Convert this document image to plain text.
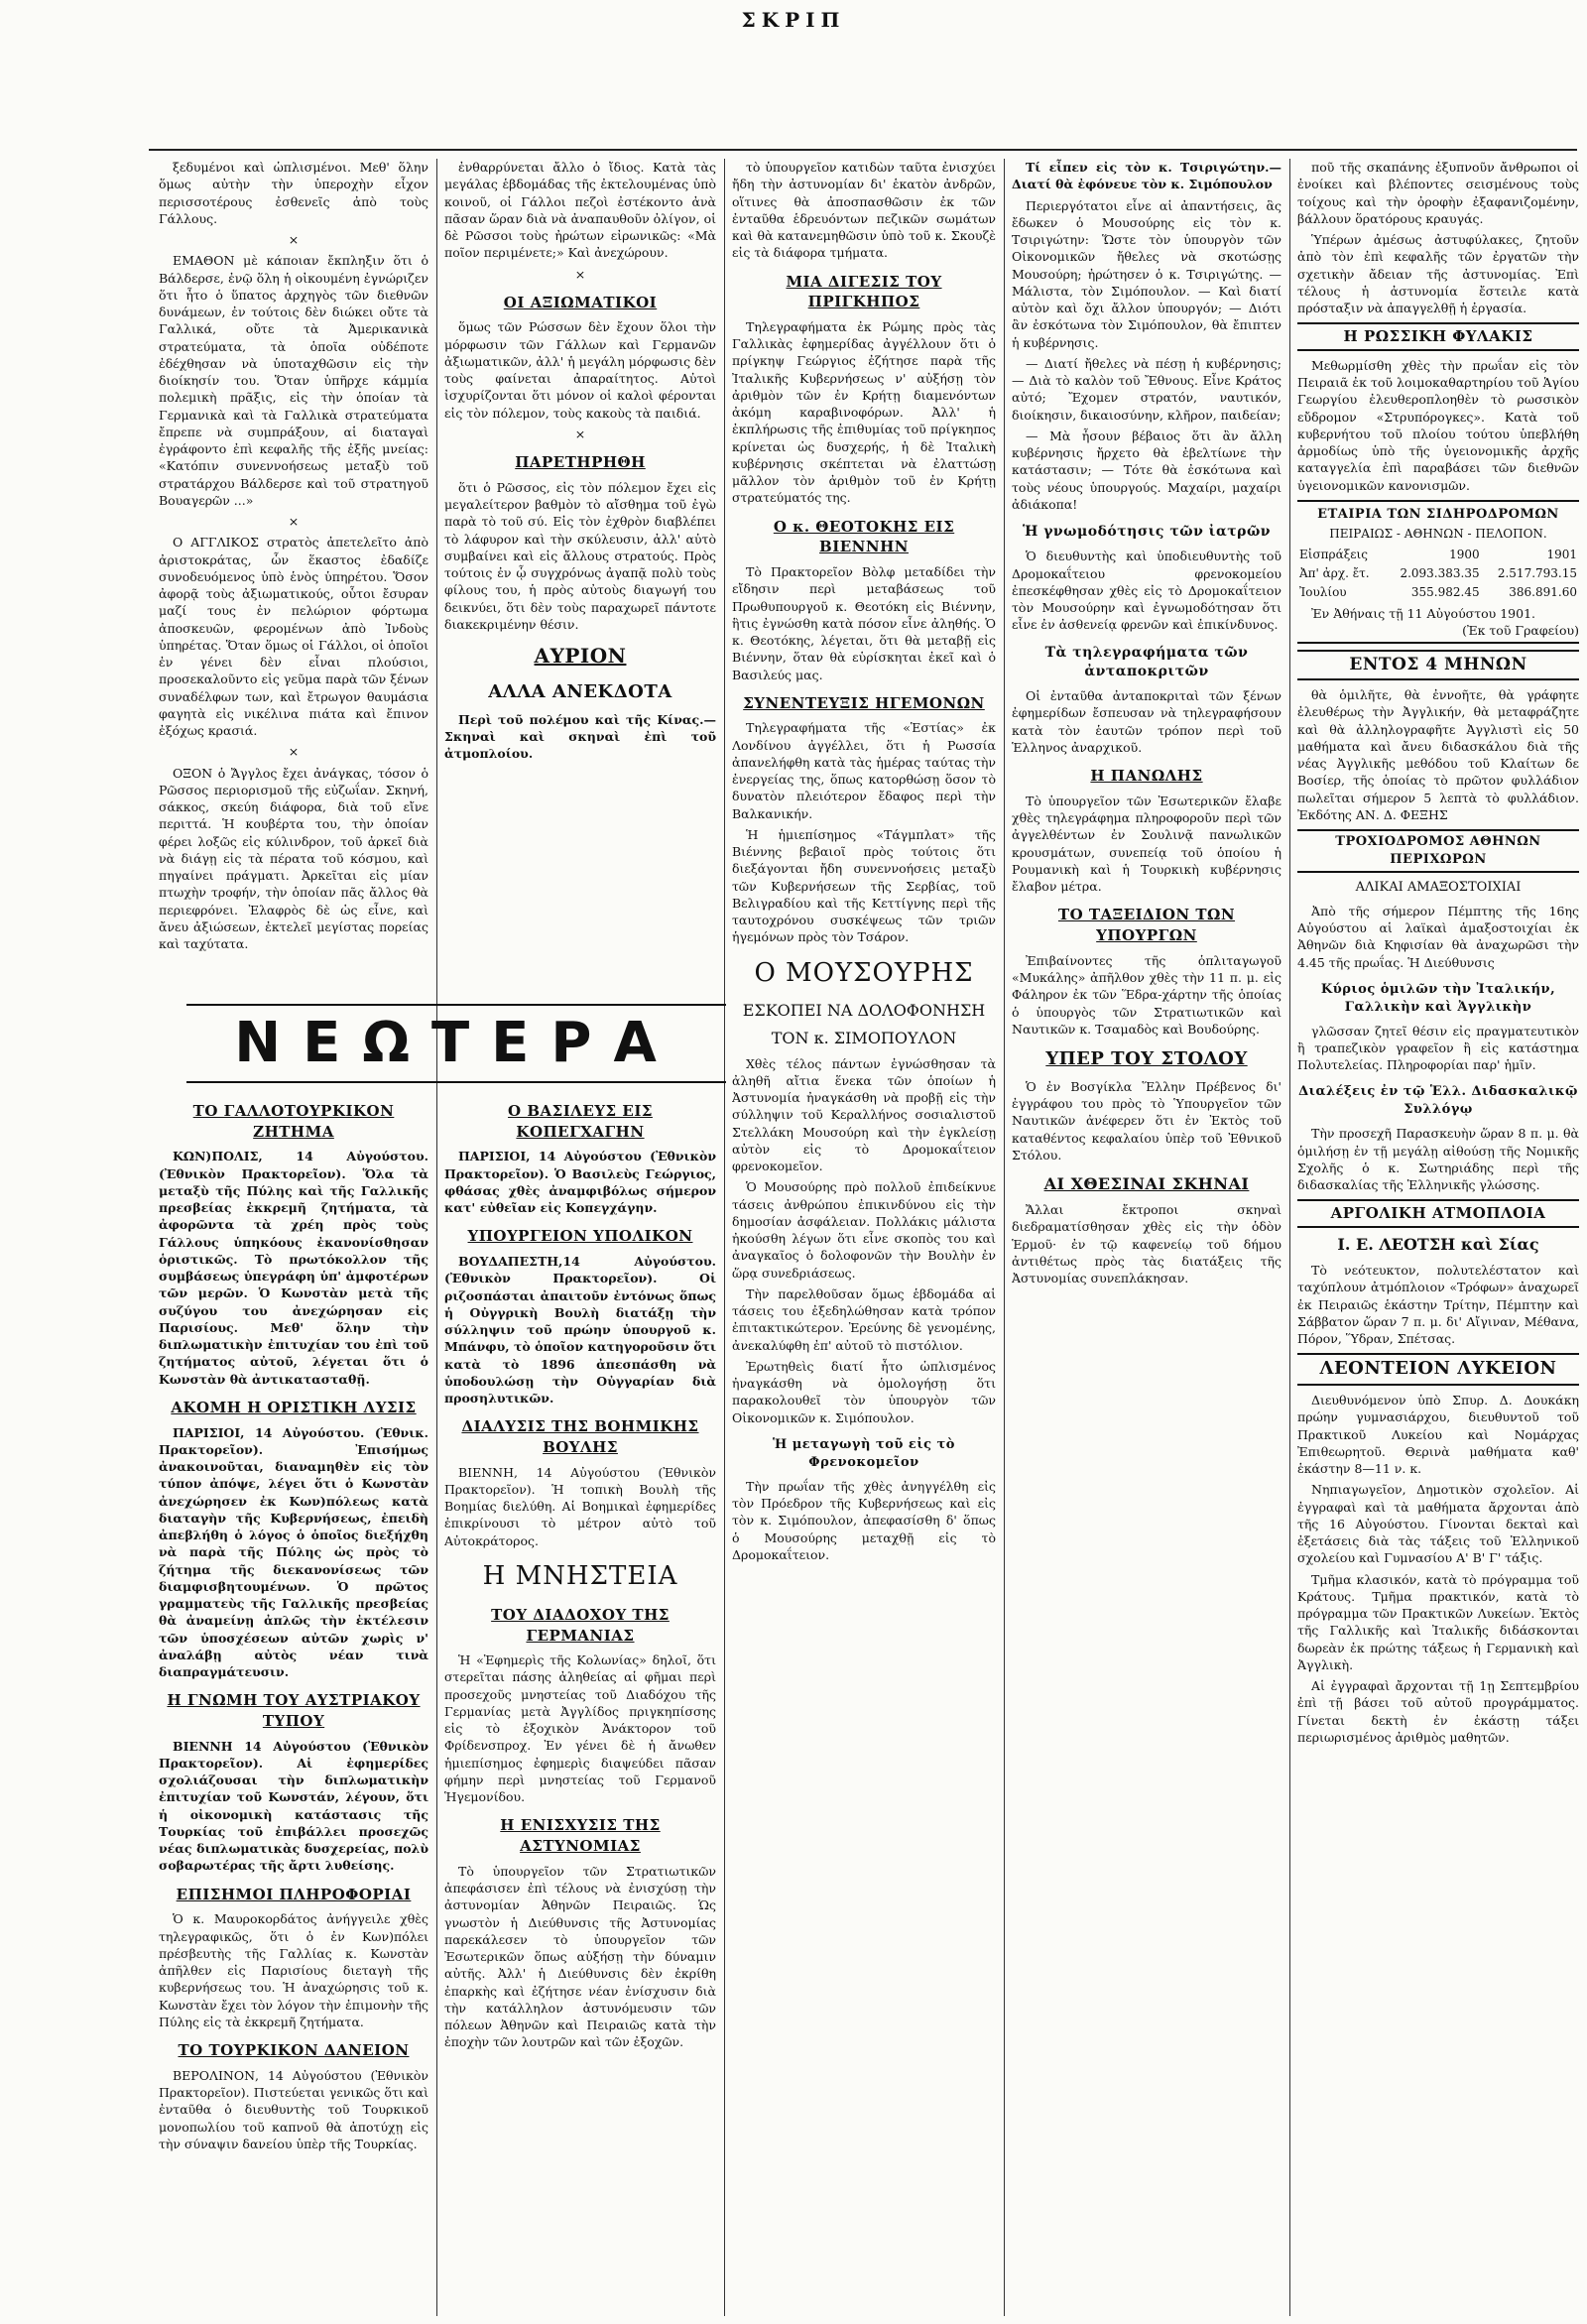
ΣΚΡΙΠ

ξεδυμένοι καὶ ὡπλισμένοι. Μεθ' ὅλην ὅμως αὐτὴν τὴν ὑπεροχὴν εἶχον περισσοτέρους ἐσθενεῖς ἀπὸ τοὺς Γάλλους.

×

ΕΜΑΘΟΝ μὲ κάποιαν ἔκπληξιν ὅτι ὁ Βάλδερσε, ἐνῷ ὅλη ἡ οἰκουμένη ἐγνώριζεν ὅτι ἦτο ὁ ὕπατος ἀρχηγὸς τῶν διεθνῶν δυνάμεων, ἐν τούτοις δὲν διώκει οὔτε τὰ Γαλλικά, οὔτε τὰ Ἀμερικανικὰ στρατεύματα, τὰ ὁποῖα οὐδέποτε ἐδέχθησαν νὰ ὑποταχθῶσιν εἰς τὴν διοίκησίν του. Ὅταν ὑπῆρχε κάμμία πολεμικὴ πρᾶξις, εἰς τὴν ὁποίαν τὰ Γερμανικὰ καὶ τὰ Γαλλικὰ στρατεύματα ἔπρεπε νὰ συμπράξουν, αἱ διαταγαὶ ἐγράφοντο ἐπὶ κεφαλῆς τῆς ἐξῆς μνείας: «Κατόπιν συνεννοήσεως μεταξὺ τοῦ στρατάρχου Βάλδερσε καὶ τοῦ στρατηγοῦ Βουαγερῶν ...»

×

Ο ΑΓΓΛΙΚΟΣ στρατὸς ἀπετελεῖτο ἀπὸ ἀριστοκράτας, ὧν ἕκαστος ἐδαδίζε συνοδευόμενος ὑπὸ ἑνὸς ὑπηρέτου. Ὅσον ἀφορᾷ τοὺς ἀξιωματικούς, οὗτοι ἔσυραν μαζί τους ἐν πελώριον φόρτωμα ἀποσκευῶν, φερομένων ἀπὸ Ἰνδοὺς ὑπηρέτας. Ὅταν ὅμως οἱ Γάλλοι, οἱ ὁποῖοι ἐν γένει δὲν εἶναι πλούσιοι, προσεκαλοῦντο εἰς γεῦμα παρὰ τῶν ξένων συναδέλφων των, καὶ ἔτρωγον θαυμάσια φαγητὰ εἰς νικέλινα πιάτα καὶ ἔπινον ἐξόχως κρασιά.

×

ΟΞΟΝ ὁ Ἄγγλος ἔχει ἀνάγκας, τόσον ὁ Ρῶσσος περιορισμοῦ τῆς εὐζωΐαν. Σκηνή, σάκκος, σκεύη διάφορα, διὰ τοῦ εἴνε περιττά. Ἡ κουβέρτα του, τὴν ὁποίαν φέρει λοξῶς εἰς κύλινδρον, τοῦ ἀρκεῖ διὰ νὰ διάγῃ εἰς τὰ πέρατα τοῦ κόσμου, καὶ πηγαίνει πράγματι. Ἀρκεῖται εἰς μίαν πτωχὴν τροφήν, τὴν ὁποίαν πᾶς ἄλλος θὰ περιεφρόνει. Ἐλαφρὸς δὲ ὡς εἶνε, καὶ ἄνευ ἀξιώσεων, ἐκτελεῖ μεγίστας πορείας καὶ ταχύτατα.

ἐνθαρρύνεται ἄλλο ὁ ἴδιος. Κατὰ τὰς μεγάλας ἑβδομάδας τῆς ἐκτελουμένας ὑπὸ κοινοῦ, οἱ Γάλλοι πεζοὶ ἐστέκοντο ἀνὰ πᾶσαν ὥραν διὰ νὰ ἀναπαυθοῦν ὀλίγον, οἱ δὲ Ρῶσσοι τοὺς ἠρώτων εἰρωνικῶς: «Μὰ ποῖον περιμένετε;» Καὶ ἀνεχώρουν.

×
ΟΙ ΑΞΙΩΜΑΤΙΚΟΙ

ὅμως τῶν Ρώσσων δὲν ἔχουν ὅλοι τὴν μόρφωσιν τῶν Γάλλων καὶ Γερμανῶν ἀξιωματικῶν, ἀλλ' ἡ μεγάλη μόρφωσις δὲν τοὺς φαίνεται ἀπαραίτητος. Αὐτοὶ ἰσχυρίζονται ὅτι μόνον οἱ καλοὶ φέρονται εἰς τὸν πόλεμον, τοὺς κακοὺς τὰ παιδιά.

×
ΠΑΡΕΤΗΡΗΘΗ

ὅτι ὁ Ρῶσσος, εἰς τὸν πόλεμον ἔχει εἰς μεγαλείτερον βαθμὸν τὸ αἴσθημα τοῦ ἐγὼ παρὰ τὸ τοῦ σύ. Εἰς τὸν ἐχθρὸν διαβλέπει τὸ λάφυρον καὶ τὴν σκύλευσιν, ἀλλ' αὐτὸ συμβαίνει καὶ εἰς ἄλλους στρατούς. Πρὸς τούτοις ἐν ᾧ συγχρόνως ἀγαπᾷ πολὺ τοὺς φίλους του, ἡ πρὸς αὐτοὺς διαγωγή του δεικνύει, ὅτι δὲν τοὺς παραχωρεῖ πάντοτε διακεκριμένην θέσιν.

ΑΥΡΙΟΝ
ΑΛΛΑ ΑΝΕΚΔΟΤΑ

Περὶ τοῦ πολέμου καὶ τῆς Κίνας.— Σκηναὶ καὶ σκηναὶ ἐπὶ τοῦ ἀτμοπλοίου.

ΝΕΩΤΕΡΑ
ΤΟ ΓΑΛΛΟΤΟΥΡΚΙΚΟΝ ΖΗΤΗΜΑ

ΚΩΝ)ΠΟΛΙΣ, 14 Αὐγούστου. (Ἐθνικὸν Πρακτορεῖον). Ὅλα τὰ μεταξὺ τῆς Πύλης καὶ τῆς Γαλλικῆς πρεσβείας ἐκκρεμῆ ζητήματα, τὰ ἀφορῶντα τὰ χρέη πρὸς τοὺς Γάλλους ὑπηκόους ἐκανονίσθησαν ὁριστικῶς. Τὸ πρωτόκολλον τῆς συμβάσεως ὑπεγράφη ὑπ' ἀμφοτέρων τῶν μερῶν. Ὁ Κωνστὰν μετὰ τῆς συζύγου του ἀνεχώρησαν εἰς Παρισίους. Μεθ' ὅλην τὴν διπλωματικὴν ἐπιτυχίαν του ἐπὶ τοῦ ζητήματος αὐτοῦ, λέγεται ὅτι ὁ Κωνστὰν θὰ ἀντικατασταθῇ.

ΑΚΟΜΗ Η ΟΡΙΣΤΙΚΗ ΛΥΣΙΣ

ΠΑΡΙΣΙΟΙ, 14 Αὐγούστου. (Ἐθνικ. Πρακτορεῖον). Ἐπισήμως ἀνακοινοῦται, διαναμηθὲν εἰς τὸν τύπον ἀπόψε, λέγει ὅτι ὁ Κωνστὰν ἀνεχώρησεν ἐκ Κων)πόλεως κατὰ διαταγὴν τῆς Κυβερνήσεως, ἐπειδὴ ἀπεβλήθη ὁ λόγος ὁ ὁποῖος διεξήχθη νὰ παρὰ τῆς Πύλης ὡς πρὸς τὸ ζήτημα τῆς διεκανονίσεως τῶν διαμφισβητουμένων. Ὁ πρῶτος γραμματεὺς τῆς Γαλλικῆς πρεσβείας θὰ ἀναμείνῃ ἀπλῶς τὴν ἐκτέλεσιν τῶν ὑποσχέσεων αὐτῶν χωρὶς ν' ἀναλάβῃ αὐτὸς νέαν τινὰ διαπραγμάτευσιν.

Η ΓΝΩΜΗ ΤΟΥ ΑΥΣΤΡΙΑΚΟΥ ΤΥΠΟΥ

ΒΙΕΝΝΗ 14 Αὐγούστου (Ἐθνικὸν Πρακτορεῖον). Αἱ ἐφημερίδες σχολιάζουσαι τὴν διπλωματικὴν ἐπιτυχίαν τοῦ Κωνστάν, λέγουν, ὅτι ἡ οἰκονομικὴ κατάστασις τῆς Τουρκίας τοῦ ἐπιβάλλει προσεχῶς νέας διπλωματικὰς δυσχερείας, πολὺ σοβαρωτέρας τῆς ἄρτι λυθείσης.

ΕΠΙΣΗΜΟΙ ΠΛΗΡΟΦΟΡΙΑΙ

Ὁ κ. Μαυροκορδάτος ἀνήγγειλε χθὲς τηλεγραφικῶς, ὅτι ὁ ἐν Κων)πόλει πρέσβευτὴς τῆς Γαλλίας κ. Κωνστὰν ἀπῆλθεν εἰς Παρισίους διεταγὴ τῆς κυβερνήσεως του. Ἡ ἀναχώρησις τοῦ κ. Κωνστὰν ἔχει τὸν λόγον τὴν ἐπιμονὴν τῆς Πύλης εἰς τὰ ἐκκρεμῆ ζητήματα.

ΤΟ ΤΟΥΡΚΙΚΟΝ ΔΑΝΕΙΟΝ

ΒΕΡΟΛΙΝΟΝ, 14 Αὐγούστου (Ἐθνικὸν Πρακτορεῖον). Πιστεύεται γενικῶς ὅτι καὶ ἐνταῦθα ὁ διευθυντὴς τοῦ Τουρκικοῦ μονοπωλίου τοῦ καπνοῦ θὰ ἀποτύχῃ εἰς τὴν σύναψιν δανείου ὑπὲρ τῆς Τουρκίας.

Ο ΒΑΣΙΛΕΥΣ ΕΙΣ ΚΟΠΕΓΧΑΓΗΝ

ΠΑΡΙΣΙΟΙ, 14 Αὐγούστου (Ἐθνικὸν Πρακτορεῖον). Ὁ Βασιλεὺς Γεώργιος, φθάσας χθὲς ἀναμφιβόλως σήμερον κατ' εὐθεῖαν εἰς Κοπεγχάγην.

ΥΠΟΥΡΓΕΙΟΝ ΥΠΟΛΙΚΟΝ

ΒΟΥΔΑΠΕΣΤΗ,14 Αὐγούστου. (Ἐθνικὸν Πρακτορεῖον). Οἱ ριζοσπάσται ἀπαιτοῦν ἐντόνως ὅπως ἡ Οὐγγρικὴ Βουλὴ διατάξῃ τὴν σύλληψιν τοῦ πρώην ὑπουργοῦ κ. Μπάνφυ, τὸ ὁποῖον κατηγοροῦσιν ὅτι κατὰ τὸ 1896 ἀπεσπάσθη νὰ ὑποδουλώσῃ τὴν Οὐγγαρίαν διὰ προσηλυτικῶν.

ΔΙΑΛΥΣΙΣ ΤΗΣ ΒΟΗΜΙΚΗΣ ΒΟΥΛΗΣ

ΒΙΕΝΝΗ, 14 Αὐγούστου (Ἐθνικὸν Πρακτορεῖον). Ἡ τοπικὴ Βουλὴ τῆς Βοημίας διελύθη. Αἱ Βοημικαὶ ἐφημερίδες ἐπικρίνουσι τὸ μέτρον αὐτὸ τοῦ Αὐτοκράτορος.

Η ΜΝΗΣΤΕΙΑ
ΤΟΥ ΔΙΑΔΟΧΟΥ ΤΗΣ ΓΕΡΜΑΝΙΑΣ

Ἡ «Ἐφημερὶς τῆς Κολωνίας» δηλοῖ, ὅτι στερεῖται πάσης ἀληθείας αἱ φῆμαι περὶ προσεχοῦς μνηστείας τοῦ Διαδόχου τῆς Γερμανίας μετὰ Ἀγγλίδος πριγκηπίσσης εἰς τὸ ἐξοχικὸν Ἀνάκτορον τοῦ Φρίδενσπροχ. Ἐν γένει δὲ ἡ ἄνωθεν ἡμιεπίσημος ἐφημερὶς διαψεύδει πᾶσαν φήμην περὶ μνηστείας τοῦ Γερμανοῦ Ἡγεμονίδου.

Η ΕΝΙΣΧΥΣΙΣ ΤΗΣ ΑΣΤΥΝΟΜΙΑΣ

Τὸ ὑπουργεῖον τῶν Στρατιωτικῶν ἀπεφάσισεν ἐπὶ τέλους νὰ ἐνισχύσῃ τὴν ἀστυνομίαν Ἀθηνῶν Πειραιῶς. Ὡς γνωστὸν ἡ Διεύθυνσις τῆς Ἀστυνομίας παρεκάλεσεν τὸ ὑπουργεῖον τῶν Ἐσωτερικῶν ὅπως αὐξήσῃ τὴν δύναμιν αὐτῆς. Ἀλλ' ἡ Διεύθυνσις δὲν ἐκρίθη ἐπαρκὴς καὶ ἐζήτησε νέαν ἐνίσχυσιν διὰ τὴν κατάλληλον ἀστυνόμευσιν τῶν πόλεων Ἀθηνῶν καὶ Πειραιῶς κατὰ τὴν ἐποχὴν τῶν λουτρῶν καὶ τῶν ἐξοχῶν.

τὸ ὑπουργεῖον κατιδὼν ταῦτα ἐνισχύει ἤδη τὴν ἀστυνομίαν δι' ἑκατὸν ἀνδρῶν, οἵτινες θὰ ἀποσπασθῶσιν ἐκ τῶν ἐνταῦθα ἑδρευόντων πεζικῶν σωμάτων καὶ θὰ κατανεμηθῶσιν ὑπὸ τοῦ κ. Σκουζὲ εἰς τὰ διάφορα τμήματα.

ΜΙΑ ΔΙΓΕΣΙΣ ΤΟΥ ΠΡΙΓΚΗΠΟΣ

Τηλεγραφήματα ἐκ Ρώμης πρὸς τὰς Γαλλικὰς ἐφημερίδας ἀγγέλλουν ὅτι ὁ πρίγκηψ Γεώργιος ἐζήτησε παρὰ τῆς Ἰταλικῆς Κυβερνήσεως ν' αὐξήσῃ τὸν ἀριθμὸν τῶν ἐν Κρήτῃ διαμενόντων ἀκόμη καραβινοφόρων. Ἀλλ' ἡ ἐκπλήρωσις τῆς ἐπιθυμίας τοῦ πρίγκηπος κρίνεται ὡς δυσχερής, ἡ δὲ Ἰταλικὴ κυβέρνησις σκέπτεται νὰ ἐλαττώσῃ μᾶλλον τὸν ἀριθμὸν τοῦ ἐν Κρήτῃ στρατεύματός της.

Ο κ. ΘΕΟΤΟΚΗΣ ΕΙΣ ΒΙΕΝΝΗΝ

Τὸ Πρακτορεῖον Βὸλφ μεταδίδει τὴν εἴδησιν περὶ μεταβάσεως τοῦ Πρωθυπουργοῦ κ. Θεοτόκη εἰς Βιέννην, ἣτις ἐγνώσθη κατὰ πόσον εἶνε ἀληθής. Ὁ κ. Θεοτόκης, λέγεται, ὅτι θὰ μεταβῇ εἰς Βιέννην, ὅταν θὰ εὑρίσκηται ἐκεῖ καὶ ὁ Βασιλεύς μας.

ΣΥΝΕΝΤΕΥΞΙΣ ΗΓΕΜΟΝΩΝ

Τηλεγραφήματα τῆς «Ἑστίας» ἐκ Λονδίνου ἀγγέλλει, ὅτι ἡ Ρωσσία ἀπανελήφθη κατὰ τὰς ἡμέρας ταύτας τὴν ἐνεργείας της, ὅπως κατορθώσῃ ὅσον τὸ δυνατὸν πλειότερον ἔδαφος περὶ τὴν Βαλκανικήν.

Ἡ ἡμιεπίσημος «Τάγμπλατ» τῆς Βιέννης βεβαιοῖ πρὸς τούτοις ὅτι διεξάγονται ἤδη συνεννοήσεις μεταξὺ τῶν Κυβερνήσεων τῆς Σερβίας, τοῦ Βελιγραδίου καὶ τῆς Κεττίγνης περὶ τῆς ταυτοχρόνου συσκέψεως τῶν τριῶν ἡγεμόνων πρὸς τὸν Τσάρον.

Ο ΜΟΥΣΟΥΡΗΣ
ΕΣΚΟΠΕΙ ΝΑ ΔΟΛΟΦΟΝΗΣΗ
ΤΟΝ κ. ΣΙΜΟΠΟΥΛΟΝ

Χθὲς τέλος πάντων ἐγνώσθησαν τὰ ἀληθῆ αἴτια ἕνεκα τῶν ὁποίων ἡ Ἀστυνομία ἠναγκάσθη νὰ προβῇ εἰς τὴν σύλληψιν τοῦ Κεραλλήνος σοσιαλιστοῦ Στελλάκη Μουσούρη καὶ τὴν ἐγκλείσῃ αὐτὸν εἰς τὸ Δρομοκαΐτειον φρενοκομεῖον.

Ὁ Μουσούρης πρὸ πολλοῦ ἐπιδείκνυε τάσεις ἀνθρώπου ἐπικινδύνου εἰς τὴν δημοσίαν ἀσφάλειαν. Πολλάκις μάλιστα ἠκούσθη λέγων ὅτι εἶνε σκοπὸς του καὶ ἀναγκαῖος ὁ δολοφονῶν τὴν Βουλὴν ἐν ὥρᾳ συνεδριάσεως.

Τὴν παρελθοῦσαν ὅμως ἑβδομάδα αἱ τάσεις του ἐξεδηλώθησαν κατὰ τρόπον ἐπιτακτικώτερον. Ἐρεύνης δὲ γενομένης, ἀνεκαλύφθη ἐπ' αὐτοῦ τὸ πιστόλιον.

Ἐρωτηθεὶς διατί ἦτο ὡπλισμένος ἠναγκάσθη νὰ ὁμολογήσῃ ὅτι παρακολουθεῖ τὸν ὑπουργὸν τῶν Οἰκονομικῶν κ. Σιμόπουλον.

Ἡ μεταγωγὴ τοῦ εἰς τὸ Φρενοκομεῖον

Τὴν πρωΐαν τῆς χθὲς ἀνηγγέλθη εἰς τὸν Πρόεδρον τῆς Κυβερνήσεως καὶ εἰς τὸν κ. Σιμόπουλον, ἀπεφασίσθη δ' ὅπως ὁ Μουσούρης μεταχθῇ εἰς τὸ Δρομοκαΐτειον.

Τί εἶπεν εἰς τὸν κ. Τσιριγώτην.— Διατί θὰ ἐφόνευε τὸν κ. Σιμόπουλον

Περιεργότατοι εἶνε αἱ ἀπαντήσεις, ἃς ἔδωκεν ὁ Μουσούρης εἰς τὸν κ. Τσιριγώτην: Ὥστε τὸν ὑπουργὸν τῶν Οἰκονομικῶν ἤθελες νὰ σκοτώσῃς Μουσούρη; ἠρώτησεν ὁ κ. Τσιριγώτης. — Μάλιστα, τὸν Σιμόπουλον. — Καὶ διατί αὐτὸν καὶ ὄχι ἄλλον ὑπουργόν; — Διότι ἂν ἐσκότωνα τὸν Σιμόπουλον, θὰ ἔπιπτεν ἡ κυβέρνησις.

— Διατί ἤθελες νὰ πέσῃ ἡ κυβέρνησις; — Διὰ τὸ καλὸν τοῦ Ἔθνους. Εἶνε Κράτος αὐτό; Ἔχομεν στρατόν, ναυτικόν, διοίκησιν, δικαιοσύνην, κλῆρον, παιδείαν;

— Μὰ ἦσουν βέβαιος ὅτι ἂν ἄλλη κυβέρνησις ἤρχετο θὰ ἐβελτίωνε τὴν κατάστασιν; — Τότε θὰ ἐσκότωνα καὶ τοὺς νέους ὑπουργούς. Μαχαίρι, μαχαίρι ἀδιάκοπα!

Ἡ γνωμοδότησις τῶν ἰατρῶν

Ὁ διευθυντὴς καὶ ὑποδιευθυντὴς τοῦ Δρομοκαΐτειου φρενοκομείου ἐπεσκέφθησαν χθὲς εἰς τὸ Δρομοκαΐτειον τὸν Μουσούρην καὶ ἐγνωμοδότησαν ὅτι εἶνε ἐν ἀσθενείᾳ φρενῶν καὶ ἐπικίνδυνος.

Τὰ τηλεγραφήματα τῶν ἀνταποκριτῶν

Οἱ ἐνταῦθα ἀνταποκριταὶ τῶν ξένων ἐφημερίδων ἔσπευσαν νὰ τηλεγραφήσουν κατὰ τὸν ἑαυτῶν τρόπον περὶ τοῦ Ἑλληνος ἀναρχικοῦ.

Η ΠΑΝΩΛΗΣ

Τὸ ὑπουργεῖον τῶν Ἐσωτερικῶν ἔλαβε χθὲς τηλεγράφημα πληροφοροῦν περὶ τῶν ἀγγελθέντων ἐν Σουλινᾷ πανωλικῶν κρουσμάτων, συνεπείᾳ τοῦ ὁποίου ἡ Ρουμανικὴ καὶ ἡ Τουρκικὴ κυβέρνησις ἔλαβον μέτρα.

ΤΟ ΤΑΞΕΙΔΙΟΝ ΤΩΝ ΥΠΟΥΡΓΩΝ

Ἐπιβαίνοντες τῆς ὁπλιταγωγοῦ «Μυκάλης» ἀπῆλθον χθὲς τὴν 11 π. μ. εἰς Φάληρον ἐκ τῶν Ἕδρα-χάρτην τῆς ὁποίας ὁ ὑπουργὸς τῶν Στρατιωτικῶν καὶ Ναυτικῶν κ. Τσαμαδὸς καὶ Βουδούρης.

ΥΠΕΡ ΤΟΥ ΣΤΟΛΟΥ

Ὁ ἐν Βοσγίκλα Ἕλλην Πρέβενος δι' ἐγγράφου του πρὸς τὸ Ὑπουργεῖον τῶν Ναυτικῶν ἀνέφερεν ὅτι ἐν Ἐκτὸς τοῦ καταθέντος κεφαλαίου ὑπὲρ τοῦ Ἐθνικοῦ Στόλου.

ΑΙ ΧΘΕΣΙΝΑΙ ΣΚΗΝΑΙ

Ἄλλαι ἔκτροποι σκηναὶ διεδραματίσθησαν χθὲς εἰς τὴν ὁδὸν Ἑρμοῦ· ἐν τῷ καφενείῳ τοῦ δήμου ἀντιθέτως πρὸς τὰς διατάξεις τῆς Ἀστυνομίας συνεπλάκησαν.

ποῦ τῆς σκαπάνης ἐξυπνοῦν ἄνθρωποι οἱ ἐνοίκει καὶ βλέποντες σεισμένους τοὺς τοίχους καὶ τὴν ὀροφὴν ἐξαφανιζομένην, βάλλουν ὅρατόρους κραυγάς.

Ὑπέρων ἀμέσως ἀστυφύλακες, ζητοῦν ἀπὸ τὸν ἐπὶ κεφαλῆς τῶν ἐργατῶν τὴν σχετικὴν ἄδειαν τῆς ἀστυνομίας. Ἐπὶ τέλους ἡ ἀστυνομία ἔστειλε κατὰ πρόσταξιν νὰ ἀπαγγελθῇ ἡ ἐργασία.

Η ΡΩΣΣΙΚΗ ΦΥΛΑΚΙΣ

Μεθωρμίσθη χθὲς τὴν πρωΐαν εἰς τὸν Πειραιᾶ ἐκ τοῦ λοιμοκαθαρτηρίου τοῦ Ἁγίου Γεωργίου ἐλευθεροπλοηθὲν τὸ ρωσσικὸν εὔδρομον «Στρυπόρογκες». Κατὰ τοῦ κυβερνήτου τοῦ πλοίου τούτου ὑπεβλήθη ἀρμοδίως ὑπὸ τῆς ὑγειονομικῆς ἀρχῆς καταγγελία ἐπὶ παραβάσει τῶν διεθνῶν ὑγειονομικῶν κανονισμῶν.

ΕΤΑΙΡΙΑ ΤΩΝ ΣΙΔΗΡΟΔΡΟΜΩΝ
ΠΕΙΡΑΙΩΣ - ΑΘΗΝΩΝ - ΠΕΛΟΠΟΝ.
Εἰσπράξεις	1900	1901
Ἀπ' ἀρχ. ἔτ.	2.093.383.35	2.517.793.15
Ἰουλίου	355.982.45	386.891.60

Ἐν Ἀθήναις τῇ 11 Αὐγούστου 1901.

(Ἐκ τοῦ Γραφείου)

ΕΝΤΟΣ 4 ΜΗΝΩΝ

θὰ ὁμιλῆτε, θὰ ἐννοῆτε, θὰ γράφητε ἐλευθέρως τὴν Ἀγγλικήν, θὰ μεταφράζητε καὶ θὰ ἀλληλογραφῆτε Ἀγγλιστὶ εἰς 50 μαθήματα καὶ ἄνευ διδασκάλου διὰ τῆς νέας Ἀγγλικῆς μεθόδου τοῦ Κλαίτων δε Βοσίερ, τῆς ὁποίας τὸ πρῶτον φυλλάδιον πωλεῖται σήμερον 5 λεπτὰ τὸ φυλλάδιον. Ἐκδότης ΑΝ. Δ. ΦΕΞΗΣ

ΤΡΟΧΙΟΔΡΟΜΟΣ ΑΘΗΝΩΝ ΠΕΡΙΧΩΡΩΝ
ΑΛΙΚΑΙ ΑΜΑΞΟΣΤΟΙΧΙΑΙ

Ἀπὸ τῆς σήμερον Πέμπτης τῆς 16ης Αὐγούστου αἱ λαϊκαὶ ἁμαξοστοιχίαι ἐκ Ἀθηνῶν διὰ Κηφισίαν θὰ ἀναχωρῶσι τὴν 4.45 τῆς πρωΐας. Ἡ Διεύθυνσις

Κύριος ὁμιλῶν τὴν Ἰταλικήν, Γαλλικὴν καὶ Ἀγγλικὴν

γλῶσσαν ζητεῖ θέσιν εἰς πραγματευτικὸν ἢ τραπεζικὸν γραφεῖον ἢ εἰς κατάστημα Πολυτελείας. Πληροφορίαι παρ' ἡμῖν.

Διαλέξεις ἐν τῷ Ἑλλ. Διδασκαλικῷ Συλλόγῳ

Τὴν προσεχῆ Παρασκευὴν ὥραν 8 π. μ. θὰ ὁμιλήσῃ ἐν τῇ μεγάλῃ αἰθούσῃ τῆς Νομικῆς Σχολῆς ὁ κ. Σωτηριάδης περὶ τῆς διδασκαλίας τῆς Ἑλληνικῆς γλώσσης.

ΑΡΓΟΛΙΚΗ ΑΤΜΟΠΛΟΙΑ
Ι. Ε. ΛΕΟΤΣΗ καὶ Σίας

Τὸ νεότευκτον, πολυτελέστατον καὶ ταχύπλουν ἀτμόπλοιον «Τρόφων» ἀναχωρεῖ ἐκ Πειραιῶς ἑκάστην Τρίτην, Πέμπτην καὶ Σάββατον ὥραν 7 π. μ. δι' Αἴγιναν, Μέθανα, Πόρον, Ὕδραν, Σπέτσας.

ΛΕΟΝΤΕΙΟΝ ΛΥΚΕΙΟΝ

Διευθυνόμενον ὑπὸ Σπυρ. Δ. Δουκάκη πρώην γυμνασιάρχου, διευθυντοῦ τοῦ Πρακτικοῦ Λυκείου καὶ Νομάρχας Ἐπιθεωρητοῦ. Θερινὰ μαθήματα καθ' ἑκάστην 8—11 ν. κ.

Νηπιαγωγεῖον, Δημοτικὸν σχολεῖον. Αἱ ἐγγραφαὶ καὶ τὰ μαθήματα ἄρχονται ἀπὸ τῆς 16 Αὐγούστου. Γίνονται δεκταὶ καὶ ἐξετάσεις διὰ τὰς τάξεις τοῦ Ἑλληνικοῦ σχολείου καὶ Γυμνασίου Α' Β' Γ' τάξις.

Τμῆμα κλασικόν, κατὰ τὸ πρόγραμμα τοῦ Κράτους. Τμῆμα πρακτικόν, κατὰ τὸ πρόγραμμα τῶν Πρακτικῶν Λυκείων. Ἐκτὸς τῆς Γαλλικῆς καὶ Ἰταλικῆς διδάσκονται δωρεὰν ἐκ πρώτης τάξεως ἡ Γερμανικὴ καὶ Ἀγγλικὴ.

Αἱ ἐγγραφαὶ ἄρχονται τῇ 1ῃ Σεπτεμβρίου ἐπὶ τῇ βάσει τοῦ αὐτοῦ προγράμματος. Γίνεται δεκτὴ ἐν ἑκάστῃ τάξει περιωρισμένος ἀριθμὸς μαθητῶν.
